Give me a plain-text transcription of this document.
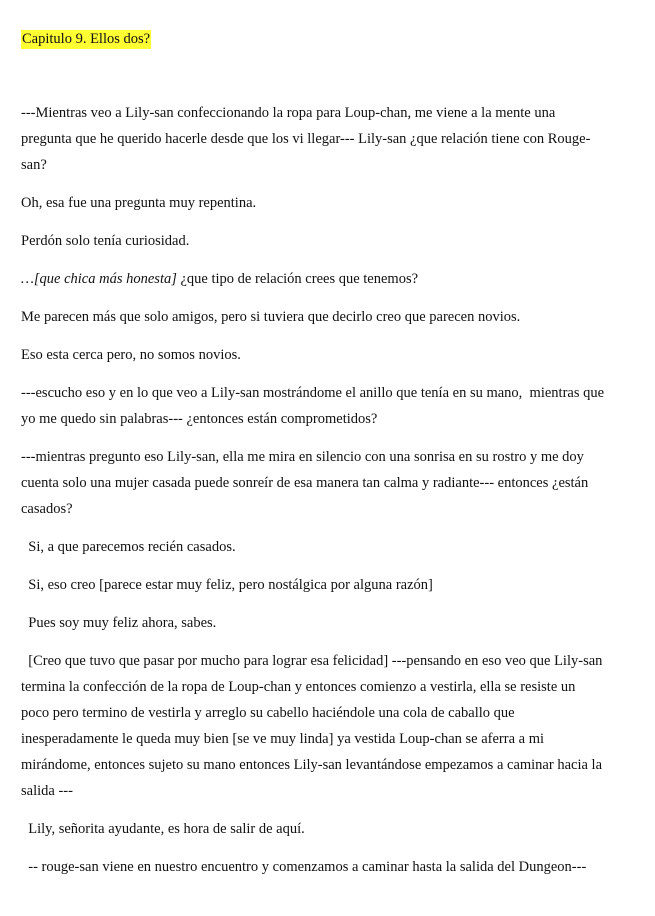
Capitulo 9. Ellos dos?

---Mientras veo a Lily-san confeccionando la ropa para Loup-chan, me viene a la mente una

pregunta que he querido hacerle desde que los vi llegar--- Lily-san ¿que relación tiene con Rouge-

san?

Oh, esa fue una pregunta muy repentina.

Perdón solo tenía curiosidad.

…[que chica más honesta] ¿que tipo de relación crees que tenemos?

Me parecen más que solo amigos, pero si tuviera que decirlo creo que parecen novios.

Eso esta cerca pero, no somos novios.

---escucho eso y en lo que veo a Lily-san mostrándome el anillo que tenía en su mano,  mientras que

yo me quedo sin palabras--- ¿entonces están comprometidos?

---mientras pregunto eso Lily-san, ella me mira en silencio con una sonrisa en su rostro y me doy

cuenta solo una mujer casada puede sonreír de esa manera tan calma y radiante--- entonces ¿están

casados?

Si, a que parecemos recién casados.

Si, eso creo [parece estar muy feliz, pero nostálgica por alguna razón]

Pues soy muy feliz ahora, sabes.

[Creo que tuvo que pasar por mucho para lograr esa felicidad] ---pensando en eso veo que Lily-san

termina la confección de la ropa de Loup-chan y entonces comienzo a vestirla, ella se resiste un

poco pero termino de vestirla y arreglo su cabello haciéndole una cola de caballo que

inesperadamente le queda muy bien [se ve muy linda] ya vestida Loup-chan se aferra a mi

mirándome, entonces sujeto su mano entonces Lily-san levantándose empezamos a caminar hacia la

salida ---

Lily, señorita ayudante, es hora de salir de aquí.

-- rouge-san viene en nuestro encuentro y comenzamos a caminar hasta la salida del Dungeon---
